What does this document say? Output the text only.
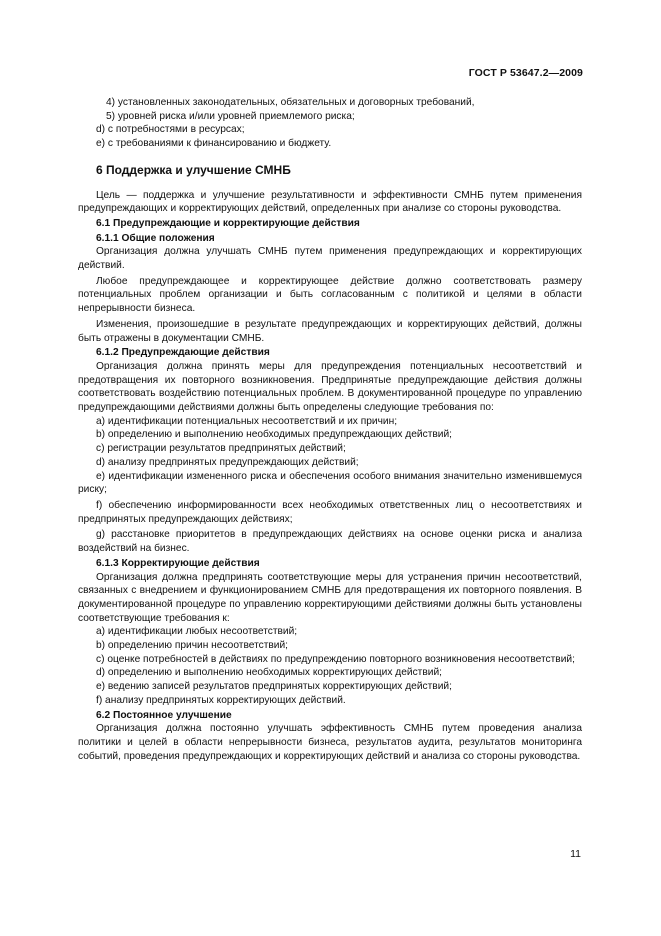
ГОСТ Р 53647.2—2009

4) установленных законодательных, обязательных и договорных требований,

5) уровней риска и/или уровней приемлемого риска;

d) с потребностями в ресурсах;

е) с требованиями к финансированию и бюджету.

6 Поддержка и улучшение СМНБ

Цель — поддержка и улучшение результативности и эффективности СМНБ путем применения предупреждающих и корректирующих действий, определенных при анализе со стороны руководства.

6.1 Предупреждающие и корректирующие действия

6.1.1 Общие положения

Организация должна улучшать СМНБ путем применения предупреждающих и корректирующих действий.

Любое предупреждающее и корректирующее действие должно соответствовать размеру потенциальных проблем организации и быть согласованным с политикой и целями в области непрерывности бизнеса.

Изменения, произошедшие в результате предупреждающих и корректирующих действий, должны быть отражены в документации СМНБ.

6.1.2 Предупреждающие действия

Организация должна принять меры для предупреждения потенциальных несоответствий и предотвращения их повторного возникновения. Предпринятые предупреждающие действия должны соответствовать воздействию потенциальных проблем. В документированной процедуре по управлению предупреждающими действиями должны быть определены следующие требования по:

a) идентификации потенциальных несоответствий и их причин;

b) определению и выполнению необходимых предупреждающих действий;

c) регистрации результатов предпринятых действий;

d) анализу предпринятых предупреждающих действий;

e) идентификации измененного риска и обеспечения особого внимания значительно изменившемуся риску;

f) обеспечению информированности всех необходимых ответственных лиц о несоответствиях и предпринятых предупреждающих действиях;

g) расстановке приоритетов в предупреждающих действиях на основе оценки риска и анализа воздействий на бизнес.

6.1.3 Корректирующие действия

Организация должна предпринять соответствующие меры для устранения причин несоответствий, связанных с внедрением и функционированием СМНБ для предотвращения их повторного появления. В документированной процедуре по управлению корректирующими действиями должны быть установлены соответствующие требования к:

a) идентификации любых несоответствий;

b) определению причин несоответствий;

c) оценке потребностей в действиях по предупреждению повторного возникновения несоответствий;

d) определению и выполнению необходимых корректирующих действий;

e) ведению записей результатов предпринятых корректирующих действий;

f) анализу предпринятых корректирующих действий.

6.2 Постоянное улучшение

Организация должна постоянно улучшать эффективность СМНБ путем проведения анализа политики и целей в области непрерывности бизнеса, результатов аудита, результатов мониторинга событий, проведения предупреждающих и корректирующих действий и анализа со стороны руководства.

11
